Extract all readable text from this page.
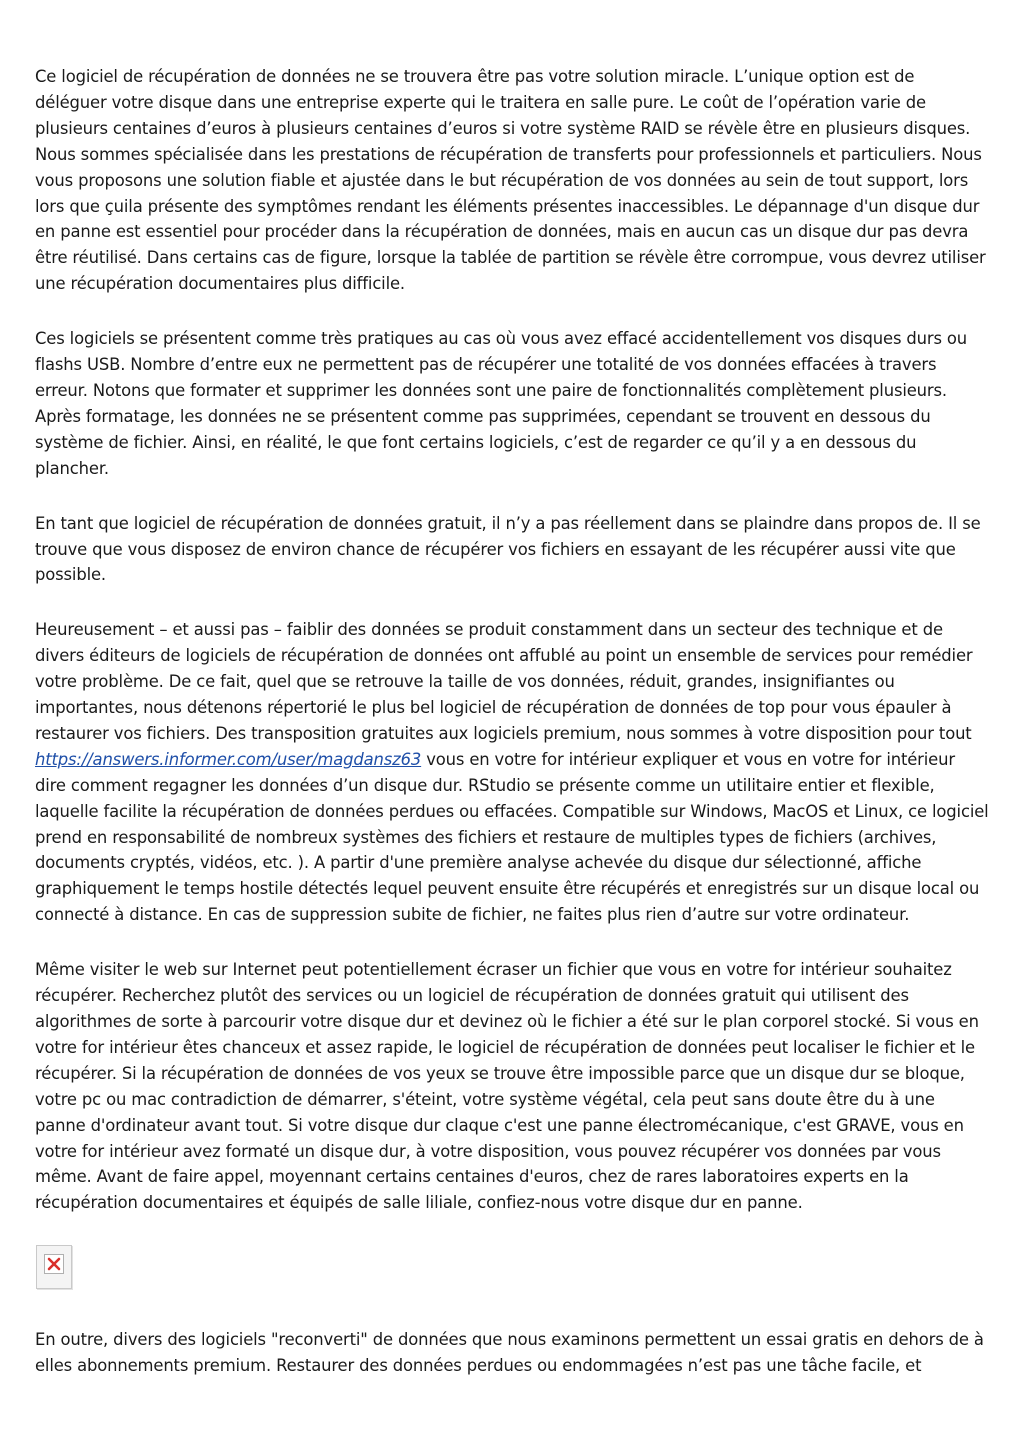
Ce logiciel de récupération de données ne se trouvera être pas votre solution miracle. L’unique option est de déléguer votre disque dans une entreprise experte qui le traitera en salle pure. Le coût de l’opération varie de plusieurs centaines d’euros à plusieurs centaines d’euros si votre système RAID se révèle être en plusieurs disques. Nous sommes spécialisée dans les prestations de récupération de transferts pour professionnels et particuliers. Nous vous proposons une solution fiable et ajustée dans le but récupération de vos données au sein de tout support, lors lors que çuila présente des symptômes rendant les éléments présentes inaccessibles. Le dépannage d'un disque dur en panne est essentiel pour procéder dans la récupération de données, mais en aucun cas un disque dur pas devra être réutilisé. Dans certains cas de figure, lorsque la tablée de partition se révèle être corrompue, vous devrez utiliser une récupération documentaires plus difficile.

Ces logiciels se présentent comme très pratiques au cas où vous avez effacé accidentellement vos disques durs ou flashs USB. Nombre d’entre eux ne permettent pas de récupérer une totalité de vos données effacées à travers erreur. Notons que formater et supprimer les données sont une paire de fonctionnalités complètement plusieurs. Après formatage, les données ne se présentent comme pas supprimées, cependant se trouvent en dessous du système de fichier. Ainsi, en réalité, le que font certains logiciels, c’est de regarder ce qu’il y a en dessous du plancher.

En tant que logiciel de récupération de données gratuit, il n’y a pas réellement dans se plaindre dans propos de. Il se trouve que vous disposez de environ chance de récupérer vos fichiers en essayant de les récupérer aussi vite que possible.

Heureusement – et aussi pas – faiblir des données se produit constamment dans un secteur des technique et de divers éditeurs de logiciels de récupération de données ont affublé au point un ensemble de services pour remédier votre problème. De ce fait, quel que se retrouve la taille de vos données, réduit, grandes, insignifiantes ou importantes, nous détenons répertorié le plus bel logiciel de récupération de données de top pour vous épauler à restaurer vos fichiers. Des transposition gratuites aux logiciels premium, nous sommes à votre disposition pour tout https://answers.informer.com/user/magdansz63 vous en votre for intérieur expliquer et vous en votre for intérieur dire comment regagner les données d’un disque dur. RStudio se présente comme un utilitaire entier et flexible, laquelle facilite la récupération de données perdues ou effacées. Compatible sur Windows, MacOS et Linux, ce logiciel prend en responsabilité de nombreux systèmes des fichiers et restaure de multiples types de fichiers (archives, documents cryptés, vidéos, etc. ). A partir d'une première analyse achevée du disque dur sélectionné, affiche graphiquement le temps hostile détectés lequel peuvent ensuite être récupérés et enregistrés sur un disque local ou connecté à distance. En cas de suppression subite de fichier, ne faites plus rien d’autre sur votre ordinateur.

Même visiter le web sur Internet peut potentiellement écraser un fichier que vous en votre for intérieur souhaitez récupérer. Recherchez plutôt des services ou un logiciel de récupération de données gratuit qui utilisent des algorithmes de sorte à parcourir votre disque dur et devinez où le fichier a été sur le plan corporel stocké. Si vous en votre for intérieur êtes chanceux et assez rapide, le logiciel de récupération de données peut localiser le fichier et le récupérer. Si la récupération de données de vos yeux se trouve être impossible parce que un disque dur se bloque, votre pc ou mac contradiction de démarrer, s'éteint, votre système végétal, cela peut sans doute être du à une panne d'ordinateur avant tout. Si votre disque dur claque c'est une panne électromécanique, c'est GRAVE, vous en votre for intérieur avez formaté un disque dur, à votre disposition, vous pouvez récupérer vos données par vous même. Avant de faire appel, moyennant certains centaines d'euros, chez de rares laboratoires experts en la récupération documentaires et équipés de salle liliale, confiez-nous votre disque dur en panne.

En outre, divers des logiciels "reconverti" de données que nous examinons permettent un essai gratis en dehors de à elles abonnements premium. Restaurer des données perdues ou endommagées n’est pas une tâche facile, et
